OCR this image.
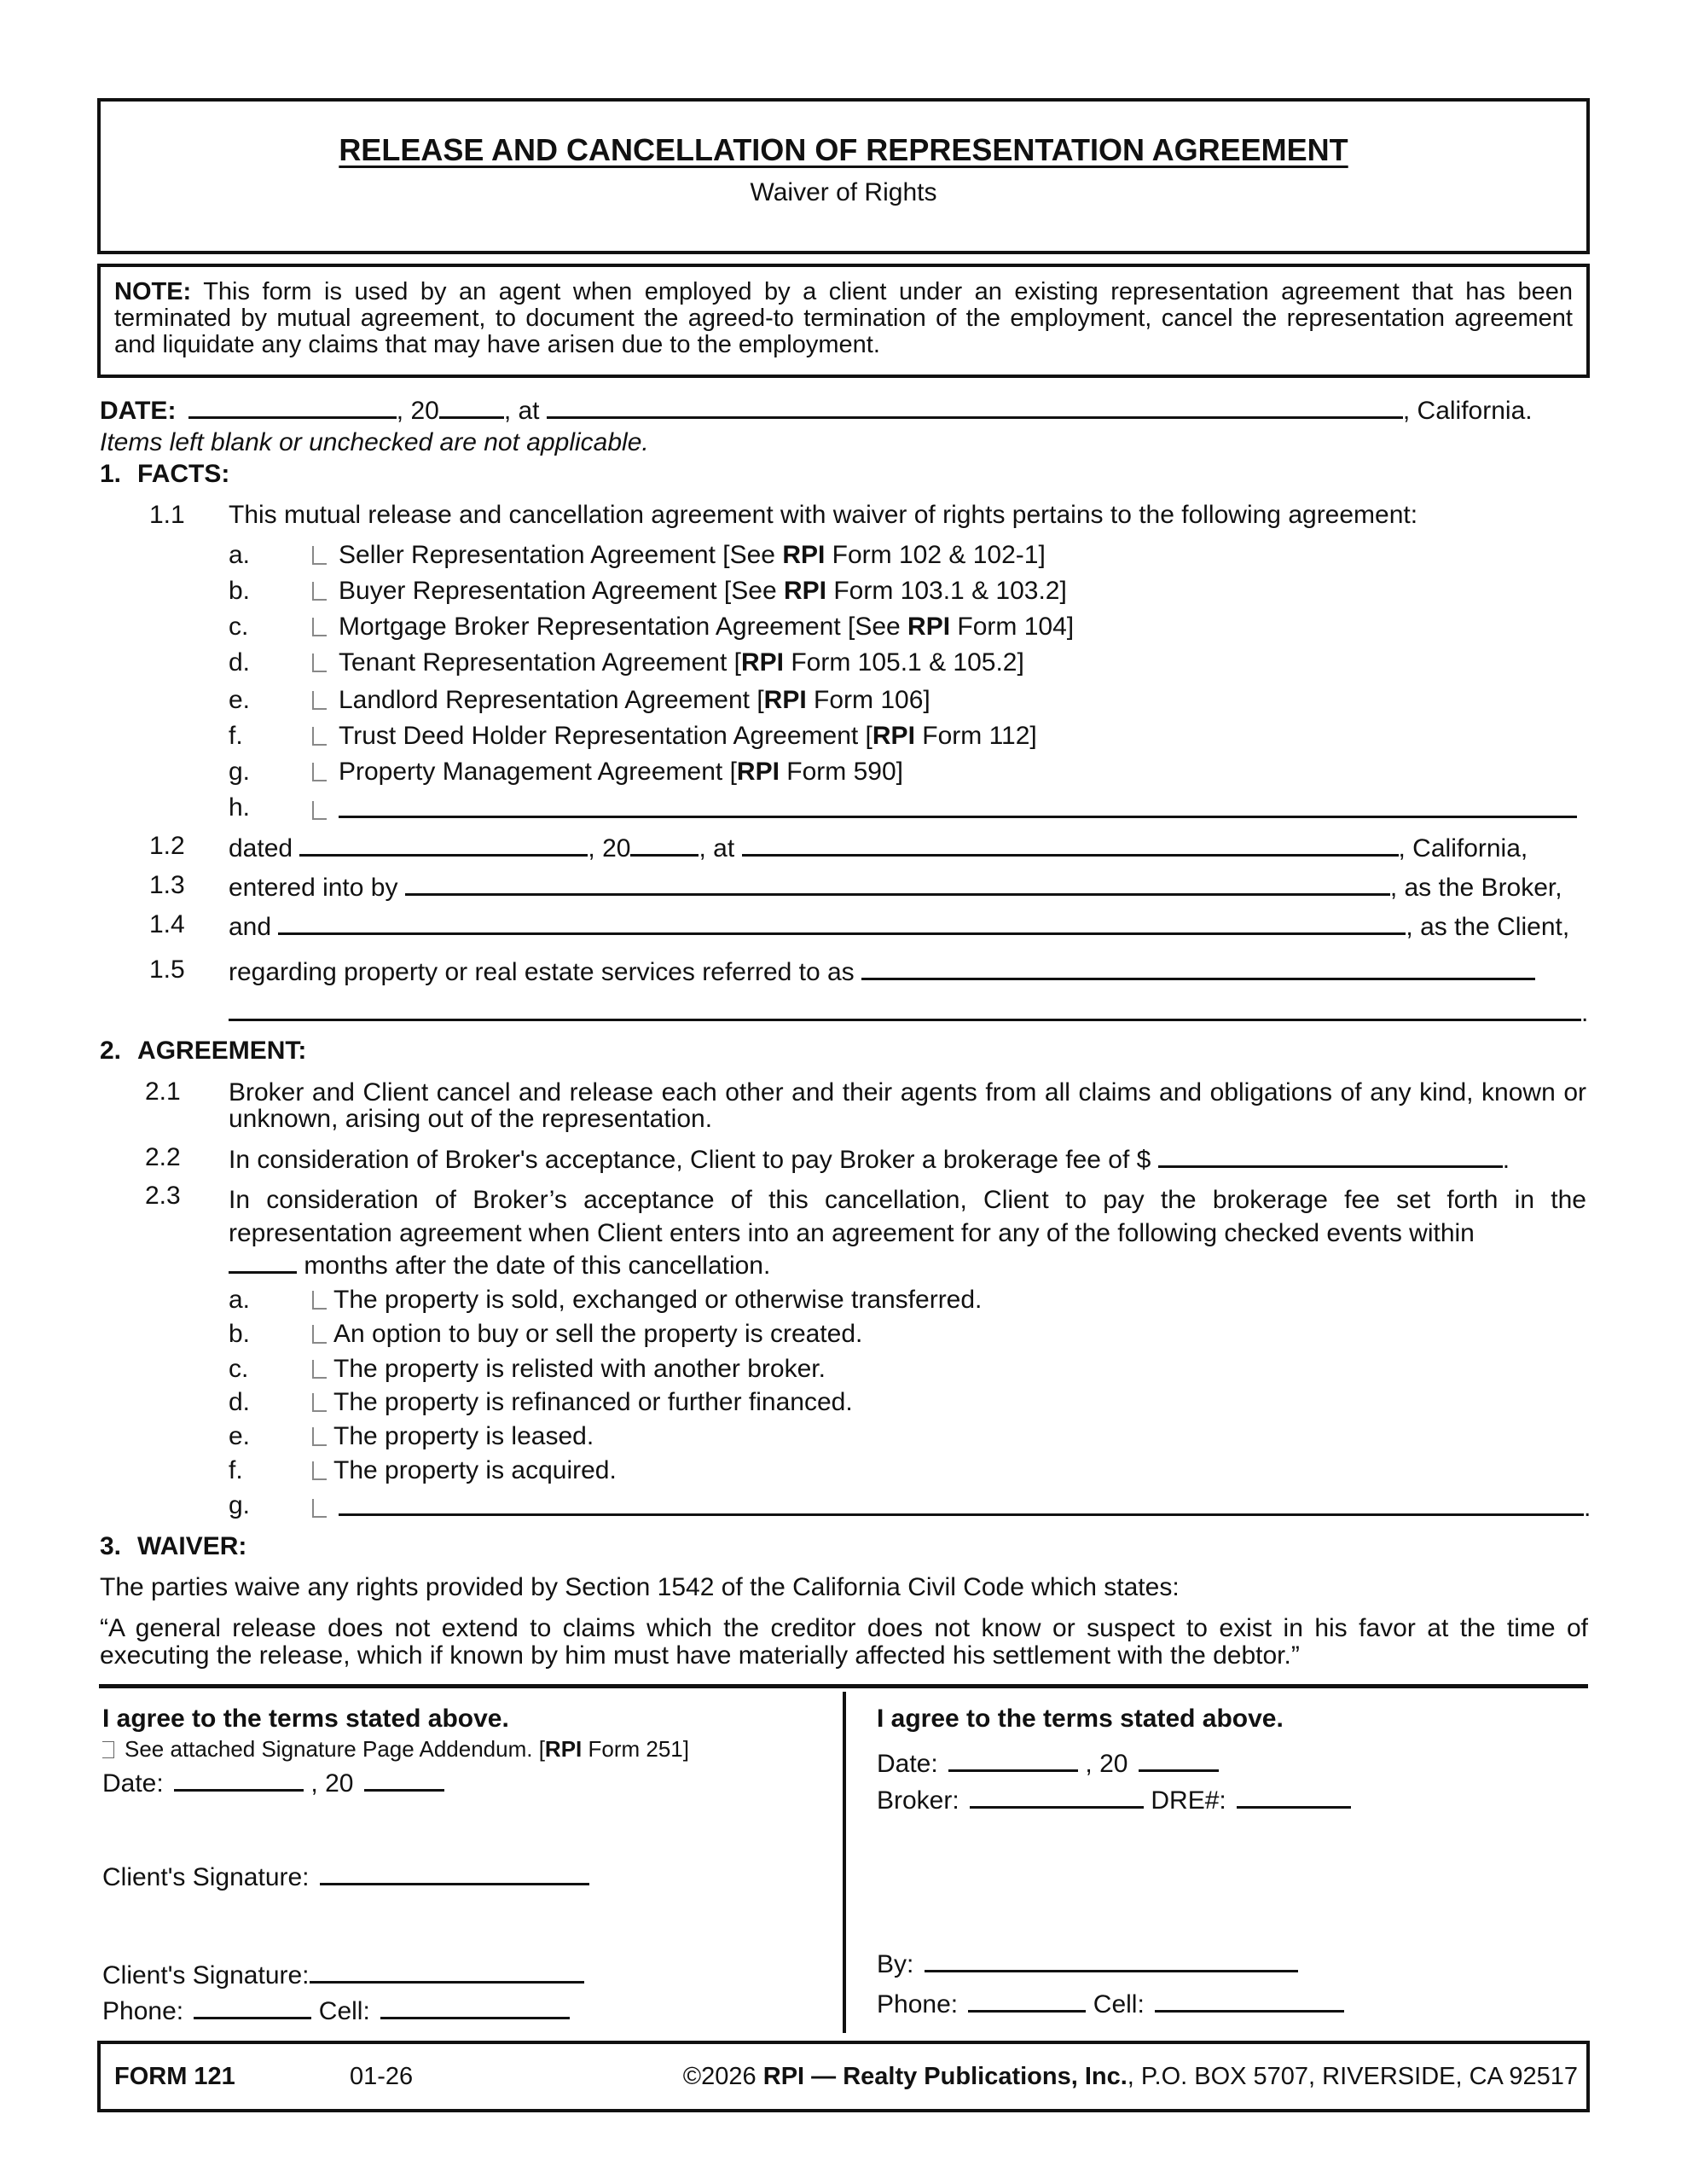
RELEASE AND CANCELLATION OF REPRESENTATION AGREEMENT
Waiver of Rights
NOTE: This form is used by an agent when employed by a client under an existing representation agreement that has been terminated by mutual agreement, to document the agreed-to termination of the employment, cancel the representation agreement and liquidate any claims that may have arisen due to the employment.
DATE:	, 20	, at	, California.
Items left blank or unchecked are not applicable.
1. FACTS:
1.1 This mutual release and cancellation agreement with waiver of rights pertains to the following agreement:
a.	Seller Representation Agreement [See RPI Form 102 & 102-1]
b.	Buyer Representation Agreement [See RPI Form 103.1 & 103.2]
c.	Mortgage Broker Representation Agreement [See RPI Form 104]
d.	Tenant Representation Agreement [RPI Form 105.1 & 105.2]
e.	Landlord Representation Agreement [RPI Form 106]
f.	Trust Deed Holder Representation Agreement [RPI Form 112]
g.	Property Management Agreement [RPI Form 590]
h.
1.2 dated	, 20	, at	, California,
1.3 entered into by	, as the Broker,
1.4 and	, as the Client,
1.5 regarding property or real estate services referred to as
.
2. AGREEMENT:
2.1 Broker and Client cancel and release each other and their agents from all claims and obligations of any kind, known or unknown, arising out of the representation.
2.2 In consideration of Broker's acceptance, Client to pay Broker a brokerage fee of $	.
2.3 In consideration of Broker’s acceptance of this cancellation, Client to pay the brokerage fee set forth in the representation agreement when Client enters into an agreement for any of the following checked events within
months after the date of this cancellation.
a.	The property is sold, exchanged or otherwise transferred.
b.	An option to buy or sell the property is created.
c.	The property is relisted with another broker.
d.	The property is refinanced or further financed.
e.	The property is leased.
f.	The property is acquired.
g.	.
3. WAIVER:
The parties waive any rights provided by Section 1542 of the California Civil Code which states:
“A general release does not extend to claims which the creditor does not know or suspect to exist in his favor at the time of executing the release, which if known by him must have materially affected his settlement with the debtor.”
I agree to the terms stated above.
See attached Signature Page Addendum. [RPI Form 251]
Date:	, 20
Client's Signature:
Client's Signature:
Phone:	Cell:
I agree to the terms stated above.
Date:	, 20
Broker:	DRE#:
By:
Phone:	Cell:
FORM 121	01-26	©2026 RPI — Realty Publications, Inc., P.O. BOX 5707, RIVERSIDE, CA 92517
